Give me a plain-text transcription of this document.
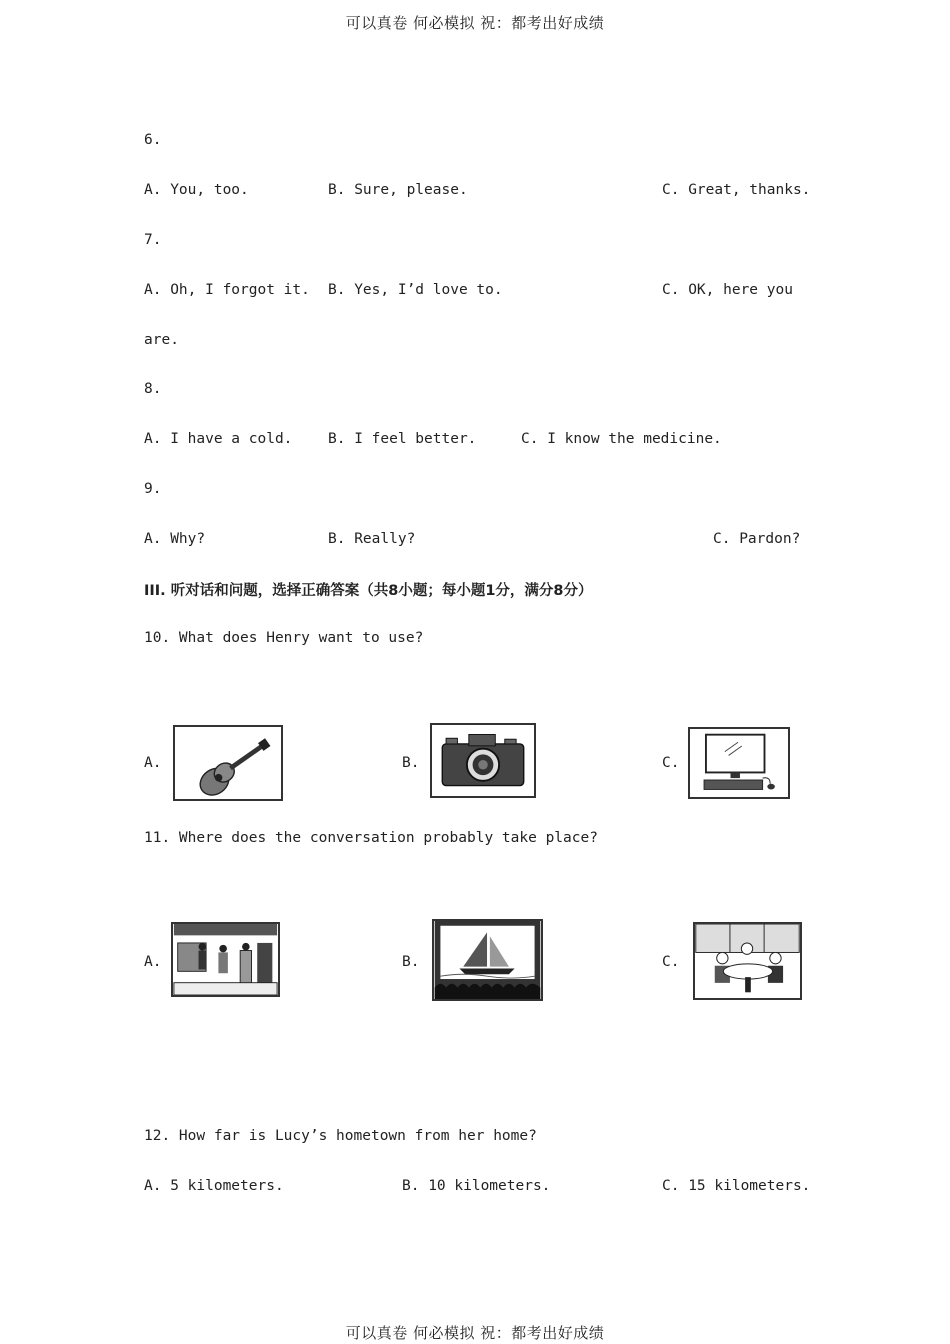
可以真卷 何必模拟 祝：都考出好成绩
6.
A. You, too.	B. Sure, please.	C. Great, thanks.
7.
A. Oh, I forgot it. B. Yes, I’d love to.	C. OK, here you
are.
8.
A. I have a cold. B. I feel better.	C. I know the medicine.
9.
A. Why?	B. Really?	C. Pardon?
III. 听对话和问题，选择正确答案（共8小题；每小题1分，满分8分）
10. What does Henry want to use?
A.	B.	C.
11. Where does the conversation probably take place?
A.	B.	C.
12. How far is Lucy’s hometown from her home?
A. 5 kilometers.	B. 10 kilometers.	C. 15 kilometers.
可以真卷 何必模拟 祝：都考出好成绩
